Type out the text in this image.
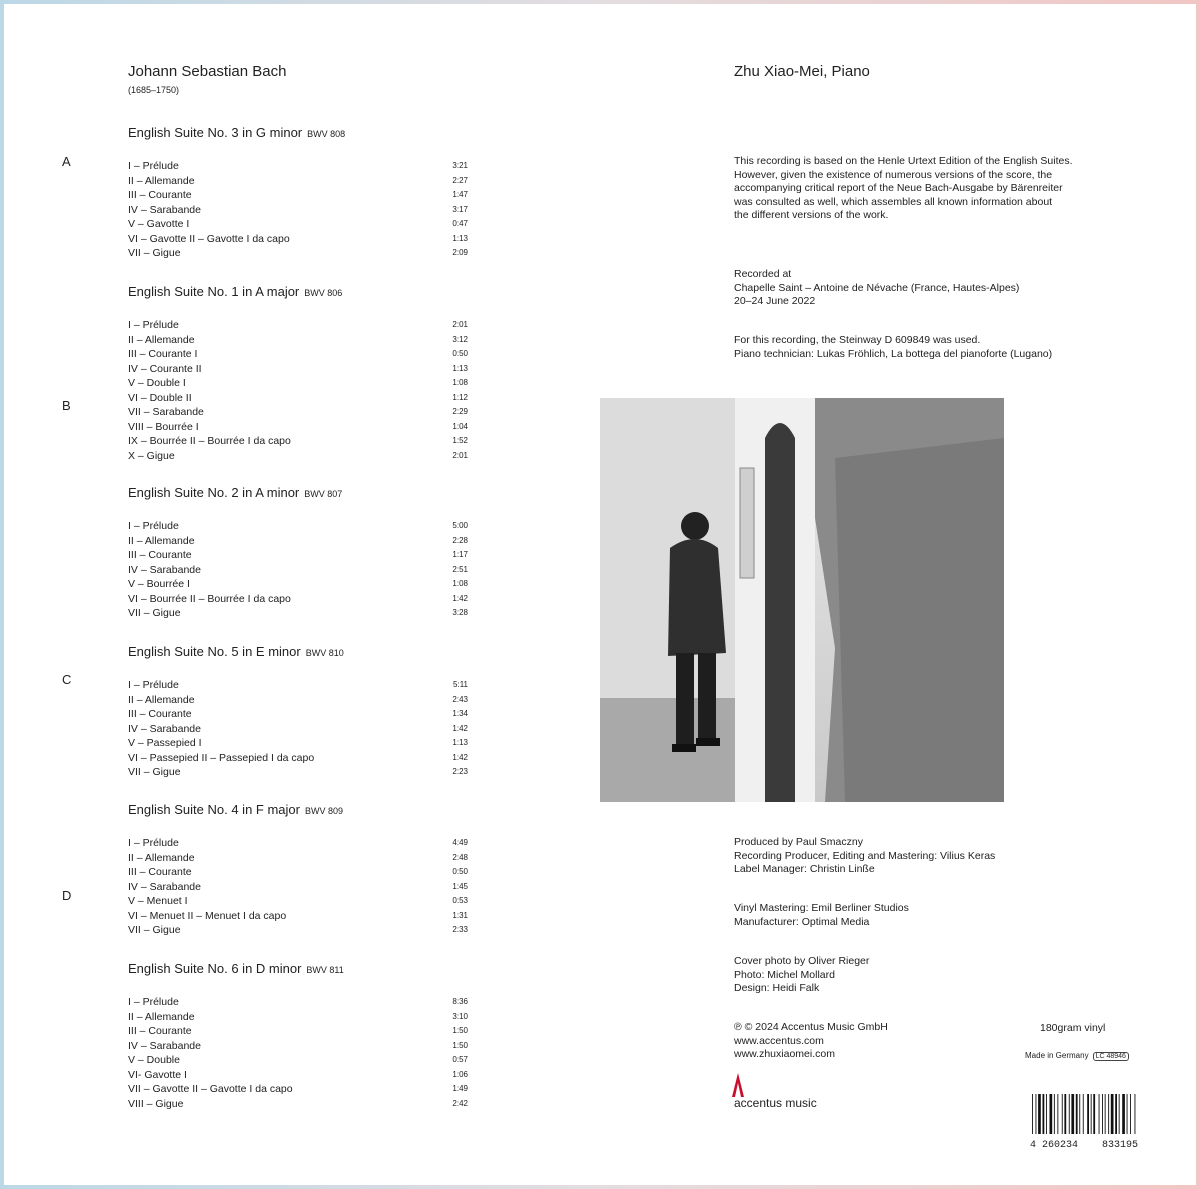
Johann Sebastian Bach
(1685–1750)
Zhu Xiao-Mei, Piano
A
B
C
D
English Suite No. 3 in G minor BWV 808
I – Prélude	3:21
II – Allemande	2:27
III – Courante	1:47
IV – Sarabande	3:17
V – Gavotte I	0:47
VI – Gavotte II – Gavotte I da capo	1:13
VII – Gigue	2:09
English Suite No. 1 in A major BWV 806
I – Prélude	2:01
II – Allemande	3:12
III – Courante I	0:50
IV – Courante II	1:13
V – Double I	1:08
VI – Double II	1:12
VII – Sarabande	2:29
VIII – Bourrée I	1:04
IX – Bourrée II – Bourrée I da capo	1:52
X – Gigue	2:01
English Suite No. 2 in A minor BWV 807
I – Prélude	5:00
II – Allemande	2:28
III – Courante	1:17
IV – Sarabande	2:51
V – Bourrée I	1:08
VI – Bourrée II – Bourrée I da capo	1:42
VII – Gigue	3:28
English Suite No. 5 in E minor BWV 810
I – Prélude	5:11
II – Allemande	2:43
III – Courante	1:34
IV – Sarabande	1:42
V – Passepied I	1:13
VI – Passepied II – Passepied I da capo	1:42
VII – Gigue	2:23
English Suite No. 4 in F major BWV 809
I – Prélude	4:49
II – Allemande	2:48
III – Courante	0:50
IV – Sarabande	1:45
V – Menuet I	0:53
VI – Menuet II – Menuet I da capo	1:31
VII – Gigue	2:33
English Suite No. 6 in D minor BWV 811
I – Prélude	8:36
II – Allemande	3:10
III – Courante	1:50
IV – Sarabande	1:50
V – Double	0:57
VI- Gavotte I	1:06
VII – Gavotte II – Gavotte I da capo	1:49
VIII – Gigue	2:42
This recording is based on the Henle Urtext Edition of the English Suites.
However, given the existence of numerous versions of the score, the
accompanying critical report of the Neue Bach-Ausgabe by Bärenreiter
was consulted as well, which assembles all known information about
the different versions of the work.
Recorded at
Chapelle Saint – Antoine de Névache (France, Hautes-Alpes)
20–24 June 2022
For this recording, the Steinway D 609849 was used.
Piano technician: Lukas Fröhlich, La bottega del pianoforte (Lugano)
Produced by Paul Smaczny
Recording Producer, Editing and Mastering: Vilius Keras
Label Manager: Christin Linße
Vinyl Mastering: Emil Berliner Studios
Manufacturer: Optimal Media
Cover photo by Oliver Rieger
Photo: Michel Mollard
Design: Heidi Falk
℗ © 2024 Accentus Music GmbH
www.accentus.com
www.zhuxiaomei.com
180gram vinyl
Made in Germany LC 48946
accentus music
4 260234 833195
